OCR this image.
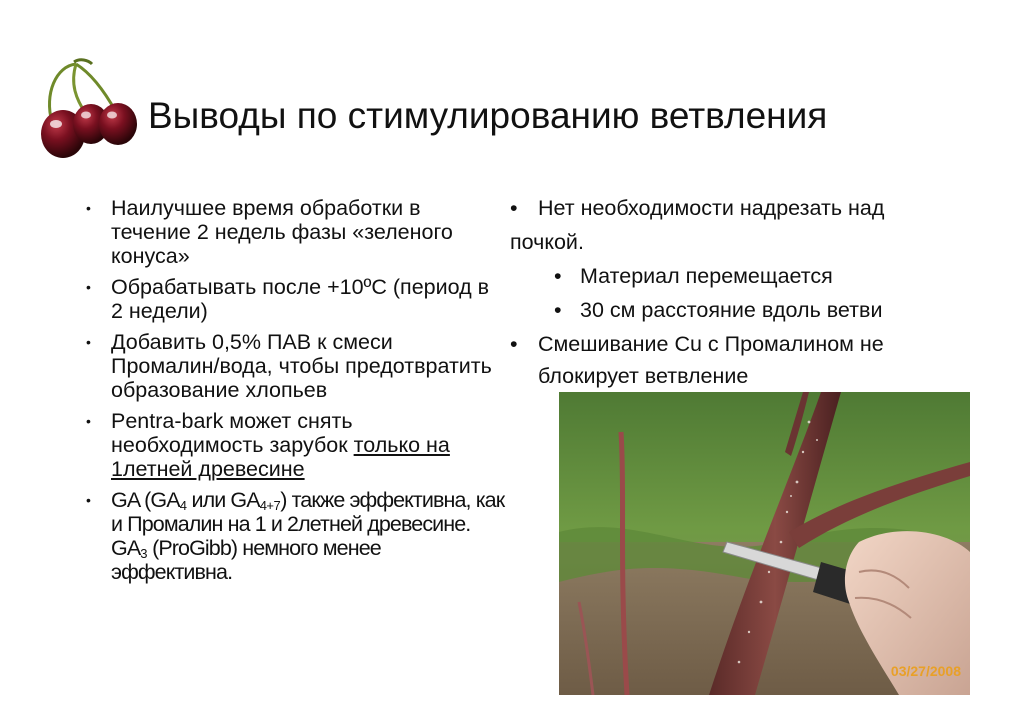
Выводы по стимулированию ветвления
• Наилучшее время обработки в течение 2 недель фазы «зеленого конуса»
• Обрабатывать после +10ºС (период в 2 недели)
• Добавить 0,5% ПАВ к смеси Промалин/вода, чтобы предотвратить образование хлопьев
• Pentra-bark может снять необходимость зарубок только на 1летней древесине
• GA ($GA_4$ или $GA_{4+7}$) также эффективна, как и Промалин на 1 и 2летней древесине. $GA_3$ (ProGibb) немного менее эффективна.
• Нет необходимости надрезать над
почкой.
• Материал перемещается
• 30 см расстояние вдоль ветви
• Смешивание Cu с Промалином не
блокирует ветвление
03/27/2008
